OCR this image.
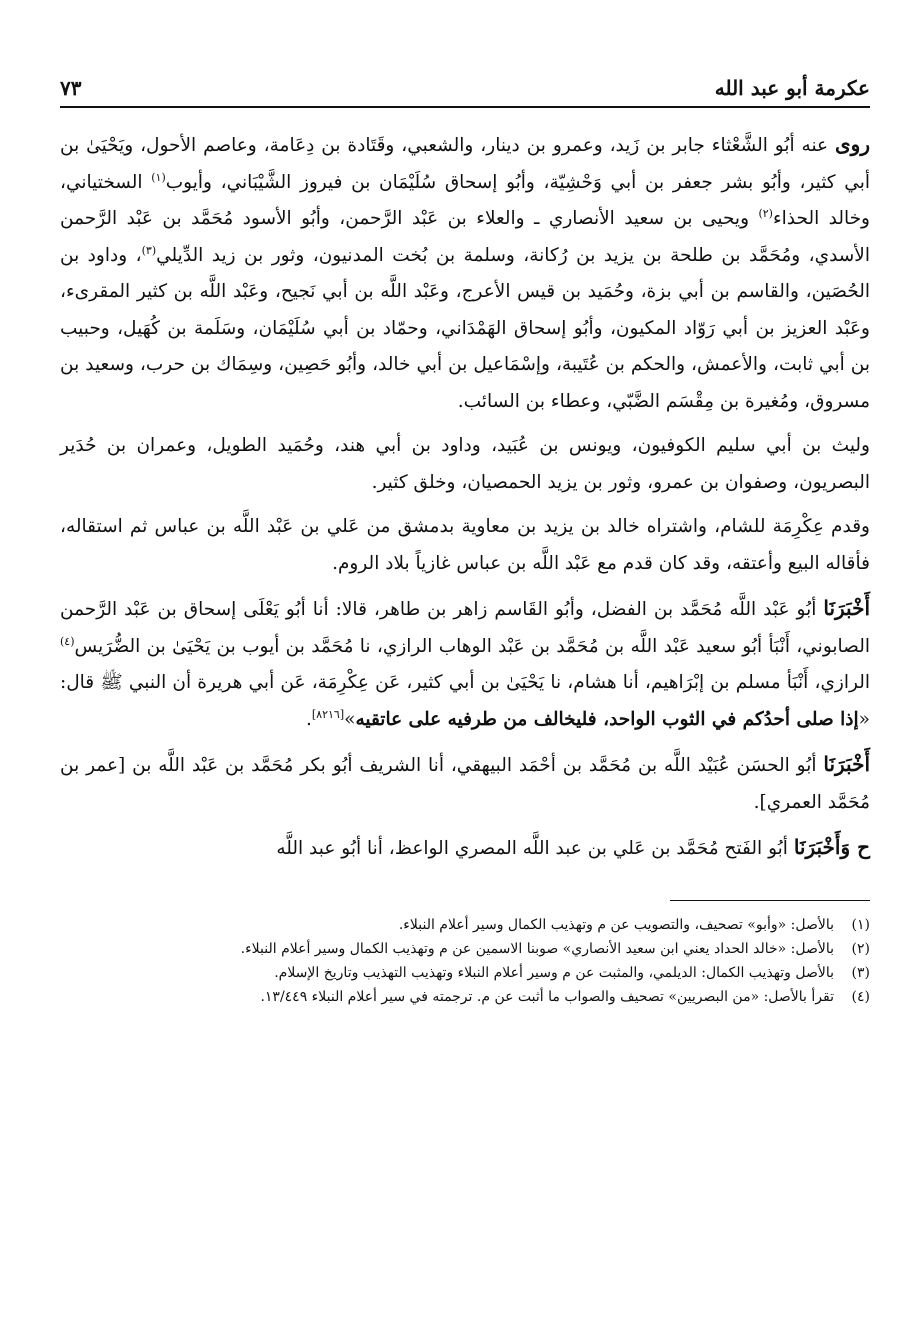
عكرمة أبو عبد الله
٧٣

روى عنه أبُو الشَّعْثاء جابر بن زَيد، وعمرو بن دينار، والشعبي، وقَتَادة بن دِعَامة، وعاصم الأحول، ويَحْيَىٰ بن أبي كثير، وأبُو بشر جعفر بن أبي وَحْشِيّة، وأبُو إسحاق سُلَيْمَان بن فيروز الشَّيْبَاني، وأيوب$^{(١)}$ السختياني، وخالد الحذاء$^{(٢)}$ ويحيى بن سعيد الأنصاري ـ والعلاء بن عَبْد الرَّحمن، وأبُو الأسود مُحَمَّد بن عَبْد الرَّحمن الأسدي، ومُحَمَّد بن طلحة بن يزيد بن رُكانة، وسلمة بن بُخت المدنيون، وثور بن زيد الدِّيلي$^{(٣)}$، وداود بن الحُصَين، والقاسم بن أبي بزة، وحُمَيد بن قيس الأعرج، وعَبْد اللَّه بن أبي نَجيح، وعَبْد اللَّه بن كثير المقرىء، وعَبْد العزيز بن أبي رَوّاد المكيون، وأبُو إسحاق الهَمْدَاني، وحمّاد بن أبي سُلَيْمَان، وسَلَمة بن كُهَيل، وحبيب بن أبي ثابت، والأعمش، والحكم بن عُتَيبة، وإسْمَاعيل بن أبي خالد، وأبُو حَصِين، وسِمَاك بن حرب، وسعيد بن مسروق، ومُغيرة بن مِقْسَم الضَّبّي، وعطاء بن السائب.

وليث بن أبي سليم الكوفيون، ويونس بن عُبَيد، وداود بن أبي هند، وحُمَيد الطويل، وعمران بن حُدَير البصريون، وصفوان بن عمرو، وثور بن يزيد الحمصيان، وخلق كثير.

وقدم عِكْرِمَة للشام، واشتراه خالد بن يزيد بن معاوية بدمشق من عَلي بن عَبْد اللَّه بن عباس ثم استقاله، فأقاله البيع وأعتقه، وقد كان قدم مع عَبْد اللَّه بن عباس غازياً بلاد الروم.

أَخْبَرَنَا أبُو عَبْد اللَّه مُحَمَّد بن الفضل، وأبُو القَاسم زاهر بن طاهر، قالا: أنا أبُو يَعْلَى إسحاق بن عَبْد الرَّحمن الصابوني، أَنْبَأ أبُو سعيد عَبْد اللَّه بن مُحَمَّد بن عَبْد الوهاب الرازي، نا مُحَمَّد بن أيوب بن يَحْيَىٰ بن الضُّرَيس$^{(٤)}$ الرازي، أَنْبَأ مسلم بن إبْرَاهيم، أنا هشام، نا يَحْيَىٰ بن أبي كثير، عَن عِكْرِمَة، عَن أبي هريرة أن النبي ﷺ قال: «إذا صلى أحدُكم في الثوب الواحد، فليخالف من طرفيه على عاتقيه»[٨٢١٦].

أَخْبَرَنَا أبُو الحسَن عُبَيْد اللَّه بن مُحَمَّد بن أحْمَد البيهقي، أنا الشريف أبُو بكر مُحَمَّد بن عَبْد اللَّه بن [عمر بن مُحَمَّد العمري].

ح وَأَخْبَرَنَا أبُو الفَتح مُحَمَّد بن عَلي بن عبد اللَّه المصري الواعظ، أنا أبُو عبد اللَّه

(١)
بالأصل: «وأبو» تصحيف، والتصويب عن م وتهذيب الكمال وسير أعلام النبلاء.
(٢)
بالأصل: «خالد الحداد يعني ابن سعيد الأنصاري» صوبنا الاسمين عن م وتهذيب الكمال وسير أعلام النبلاء.
(٣)
بالأصل وتهذيب الكمال: الديلمي، والمثبت عن م وسير أعلام النبلاء وتهذيب التهذيب وتاريخ الإسلام.
(٤)
تقرأ بالأصل: «من البصريين» تصحيف والصواب ما أثبت عن م. ترجمته في سير أعلام النبلاء ١٣/٤٤٩.
